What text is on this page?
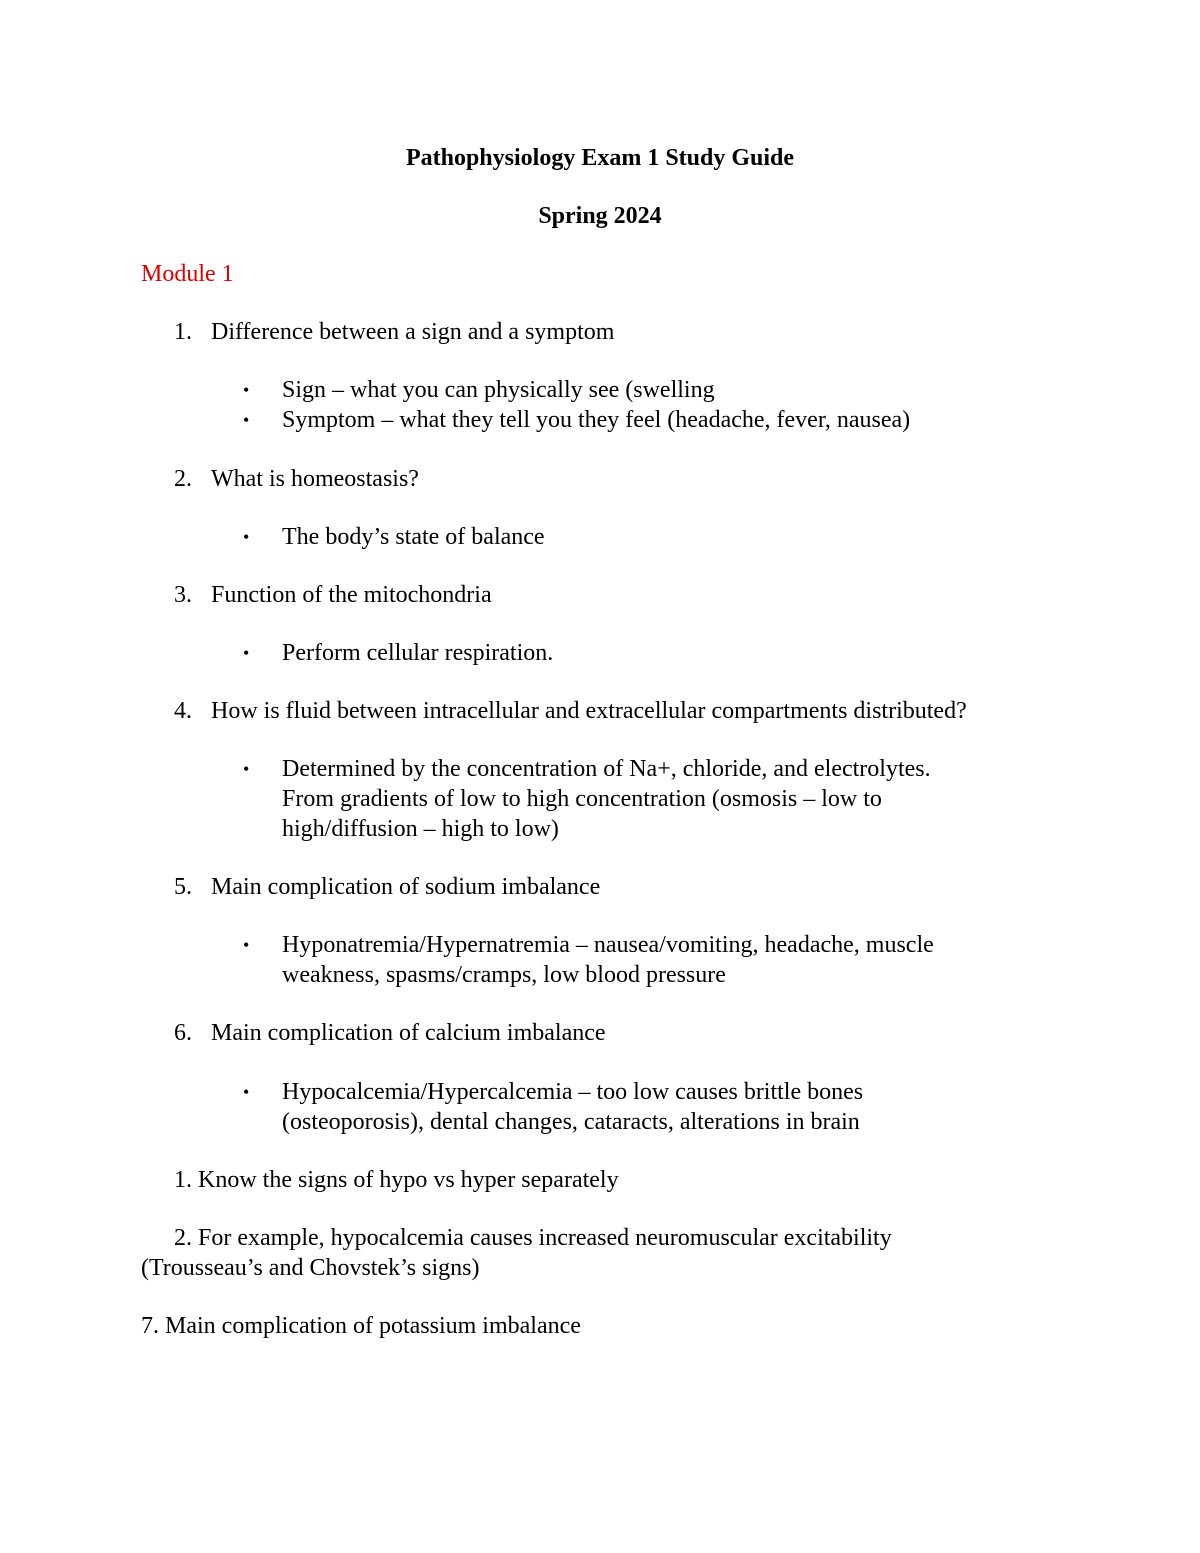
Pathophysiology Exam 1 Study Guide
Spring 2024
Module 1
1. Difference between a sign and a symptom
• Sign – what you can physically see (swelling
• Symptom – what they tell you they feel (headache, fever, nausea)
2. What is homeostasis?
• The body’s state of balance
3. Function of the mitochondria
• Perform cellular respiration.
4. How is fluid between intracellular and extracellular compartments distributed?
• Determined by the concentration of Na+, chloride, and electrolytes.
From gradients of low to high concentration (osmosis – low to
high/diffusion – high to low)
5. Main complication of sodium imbalance
• Hyponatremia/Hypernatremia – nausea/vomiting, headache, muscle
weakness, spasms/cramps, low blood pressure
6. Main complication of calcium imbalance
• Hypocalcemia/Hypercalcemia – too low causes brittle bones
(osteoporosis), dental changes, cataracts, alterations in brain
1. Know the signs of hypo vs hyper separately
2. For example, hypocalcemia causes increased neuromuscular excitability
(Trousseau’s and Chovstek’s signs)
7. Main complication of potassium imbalance
